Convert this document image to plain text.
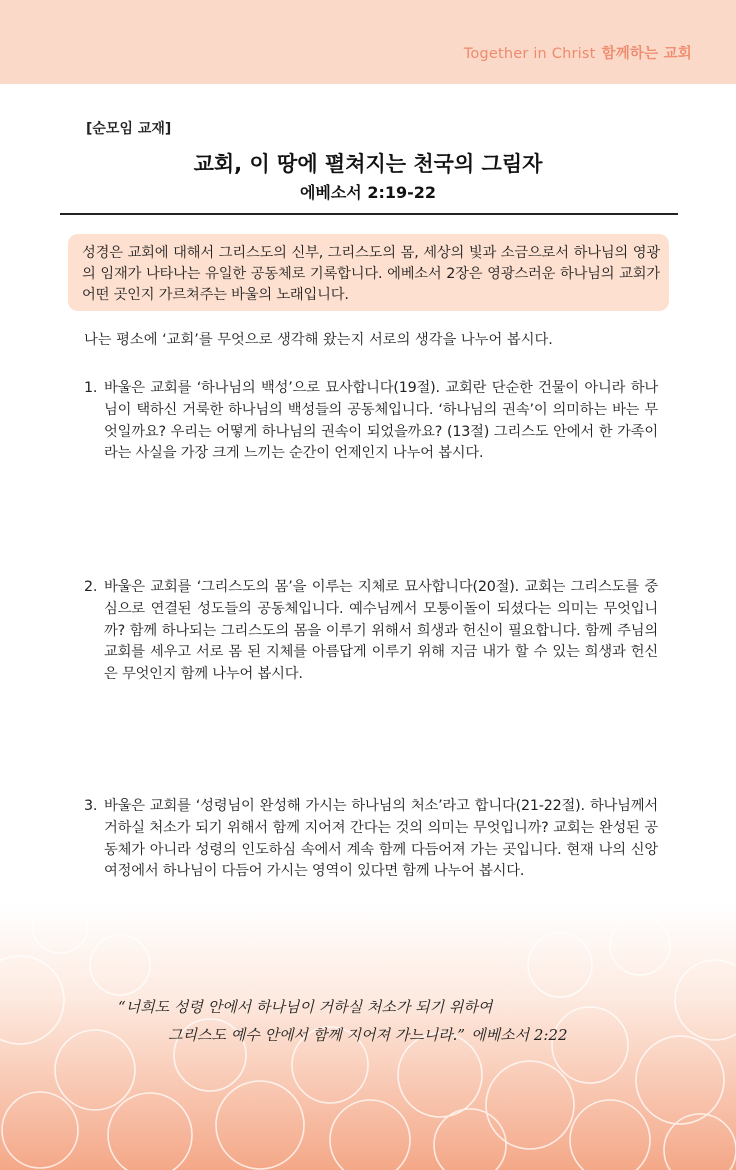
Together in Christ 함께하는 교회
[순모임 교재]
교회, 이 땅에 펼쳐지는 천국의 그림자
에베소서 2:19-22
성경은 교회에 대해서 그리스도의 신부, 그리스도의 몸, 세상의 빛과 소금으로서 하나님의 영광의 임재가 나타나는 유일한 공동체로 기록합니다. 에베소서 2장은 영광스러운 하나님의 교회가 어떤 곳인지 가르쳐주는 바울의 노래입니다.
나는 평소에 ‘교회’를 무엇으로 생각해 왔는지 서로의 생각을 나누어 봅시다.
1. 바울은 교회를 ‘하나님의 백성’으로 묘사합니다(19절). 교회란 단순한 건물이 아니라 하나님이 택하신 거룩한 하나님의 백성들의 공동체입니다. ‘하나님의 권속’이 의미하는 바는 무엇일까요? 우리는 어떻게 하나님의 권속이 되었을까요? (13절) 그리스도 안에서 한 가족이라는 사실을 가장 크게 느끼는 순간이 언제인지 나누어 봅시다.
2. 바울은 교회를 ‘그리스도의 몸’을 이루는 지체로 묘사합니다(20절). 교회는 그리스도를 중심으로 연결된 성도들의 공동체입니다. 예수님께서 모퉁이돌이 되셨다는 의미는 무엇입니까? 함께 하나되는 그리스도의 몸을 이루기 위해서 희생과 헌신이 필요합니다. 함께 주님의 교회를 세우고 서로 몸 된 지체를 아름답게 이루기 위해 지금 내가 할 수 있는 희생과 헌신은 무엇인지 함께 나누어 봅시다.
3. 바울은 교회를 ‘성령님이 완성해 가시는 하나님의 처소’라고 합니다(21-22절). 하나님께서 거하실 처소가 되기 위해서 함께 지어져 간다는 것의 의미는 무엇입니까? 교회는 완성된 공동체가 아니라 성령의 인도하심 속에서 계속 함께 다듬어져 가는 곳입니다. 현재 나의 신앙 여정에서 하나님이 다듬어 가시는 영역이 있다면 함께 나누어 봅시다.
“너희도 성령 안에서 하나님이 거하실 처소가 되기 위하여
그리스도 예수 안에서 함께 지어져 가느니라.” 에베소서 2:22
